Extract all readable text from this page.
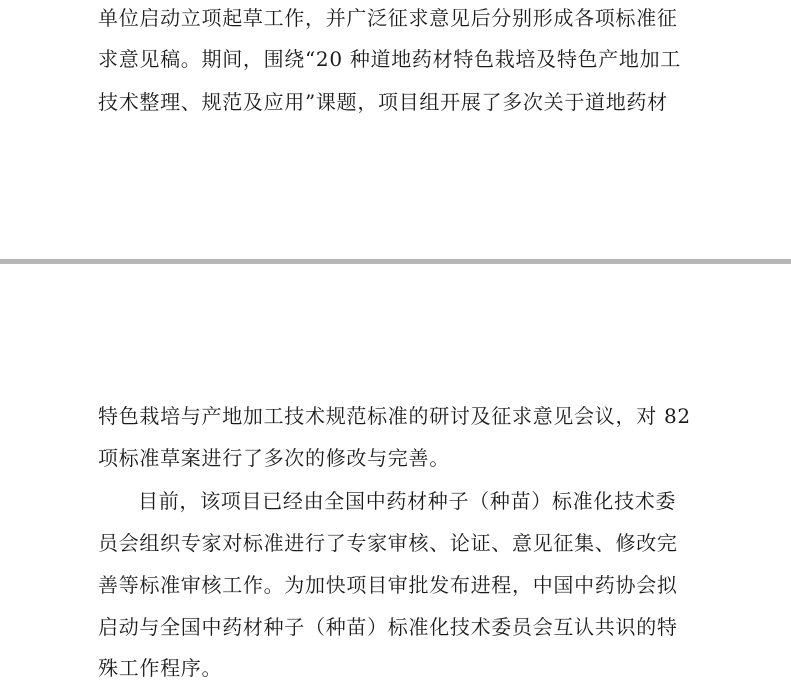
单位启动立项起草工作，并广泛征求意见后分别形成各项标准征
求意见稿。期间，围绕“20 种道地药材特色栽培及特色产地加工
技术整理、规范及应用”课题，项目组开展了多次关于道地药材
特色栽培与产地加工技术规范标准的研讨及征求意见会议，对 82
项标准草案进行了多次的修改与完善。
目前，该项目已经由全国中药材种子（种苗）标准化技术委
员会组织专家对标准进行了专家审核、论证、意见征集、修改完
善等标准审核工作。为加快项目审批发布进程，中国中药协会拟
启动与全国中药材种子（种苗）标准化技术委员会互认共识的特
殊工作程序。
